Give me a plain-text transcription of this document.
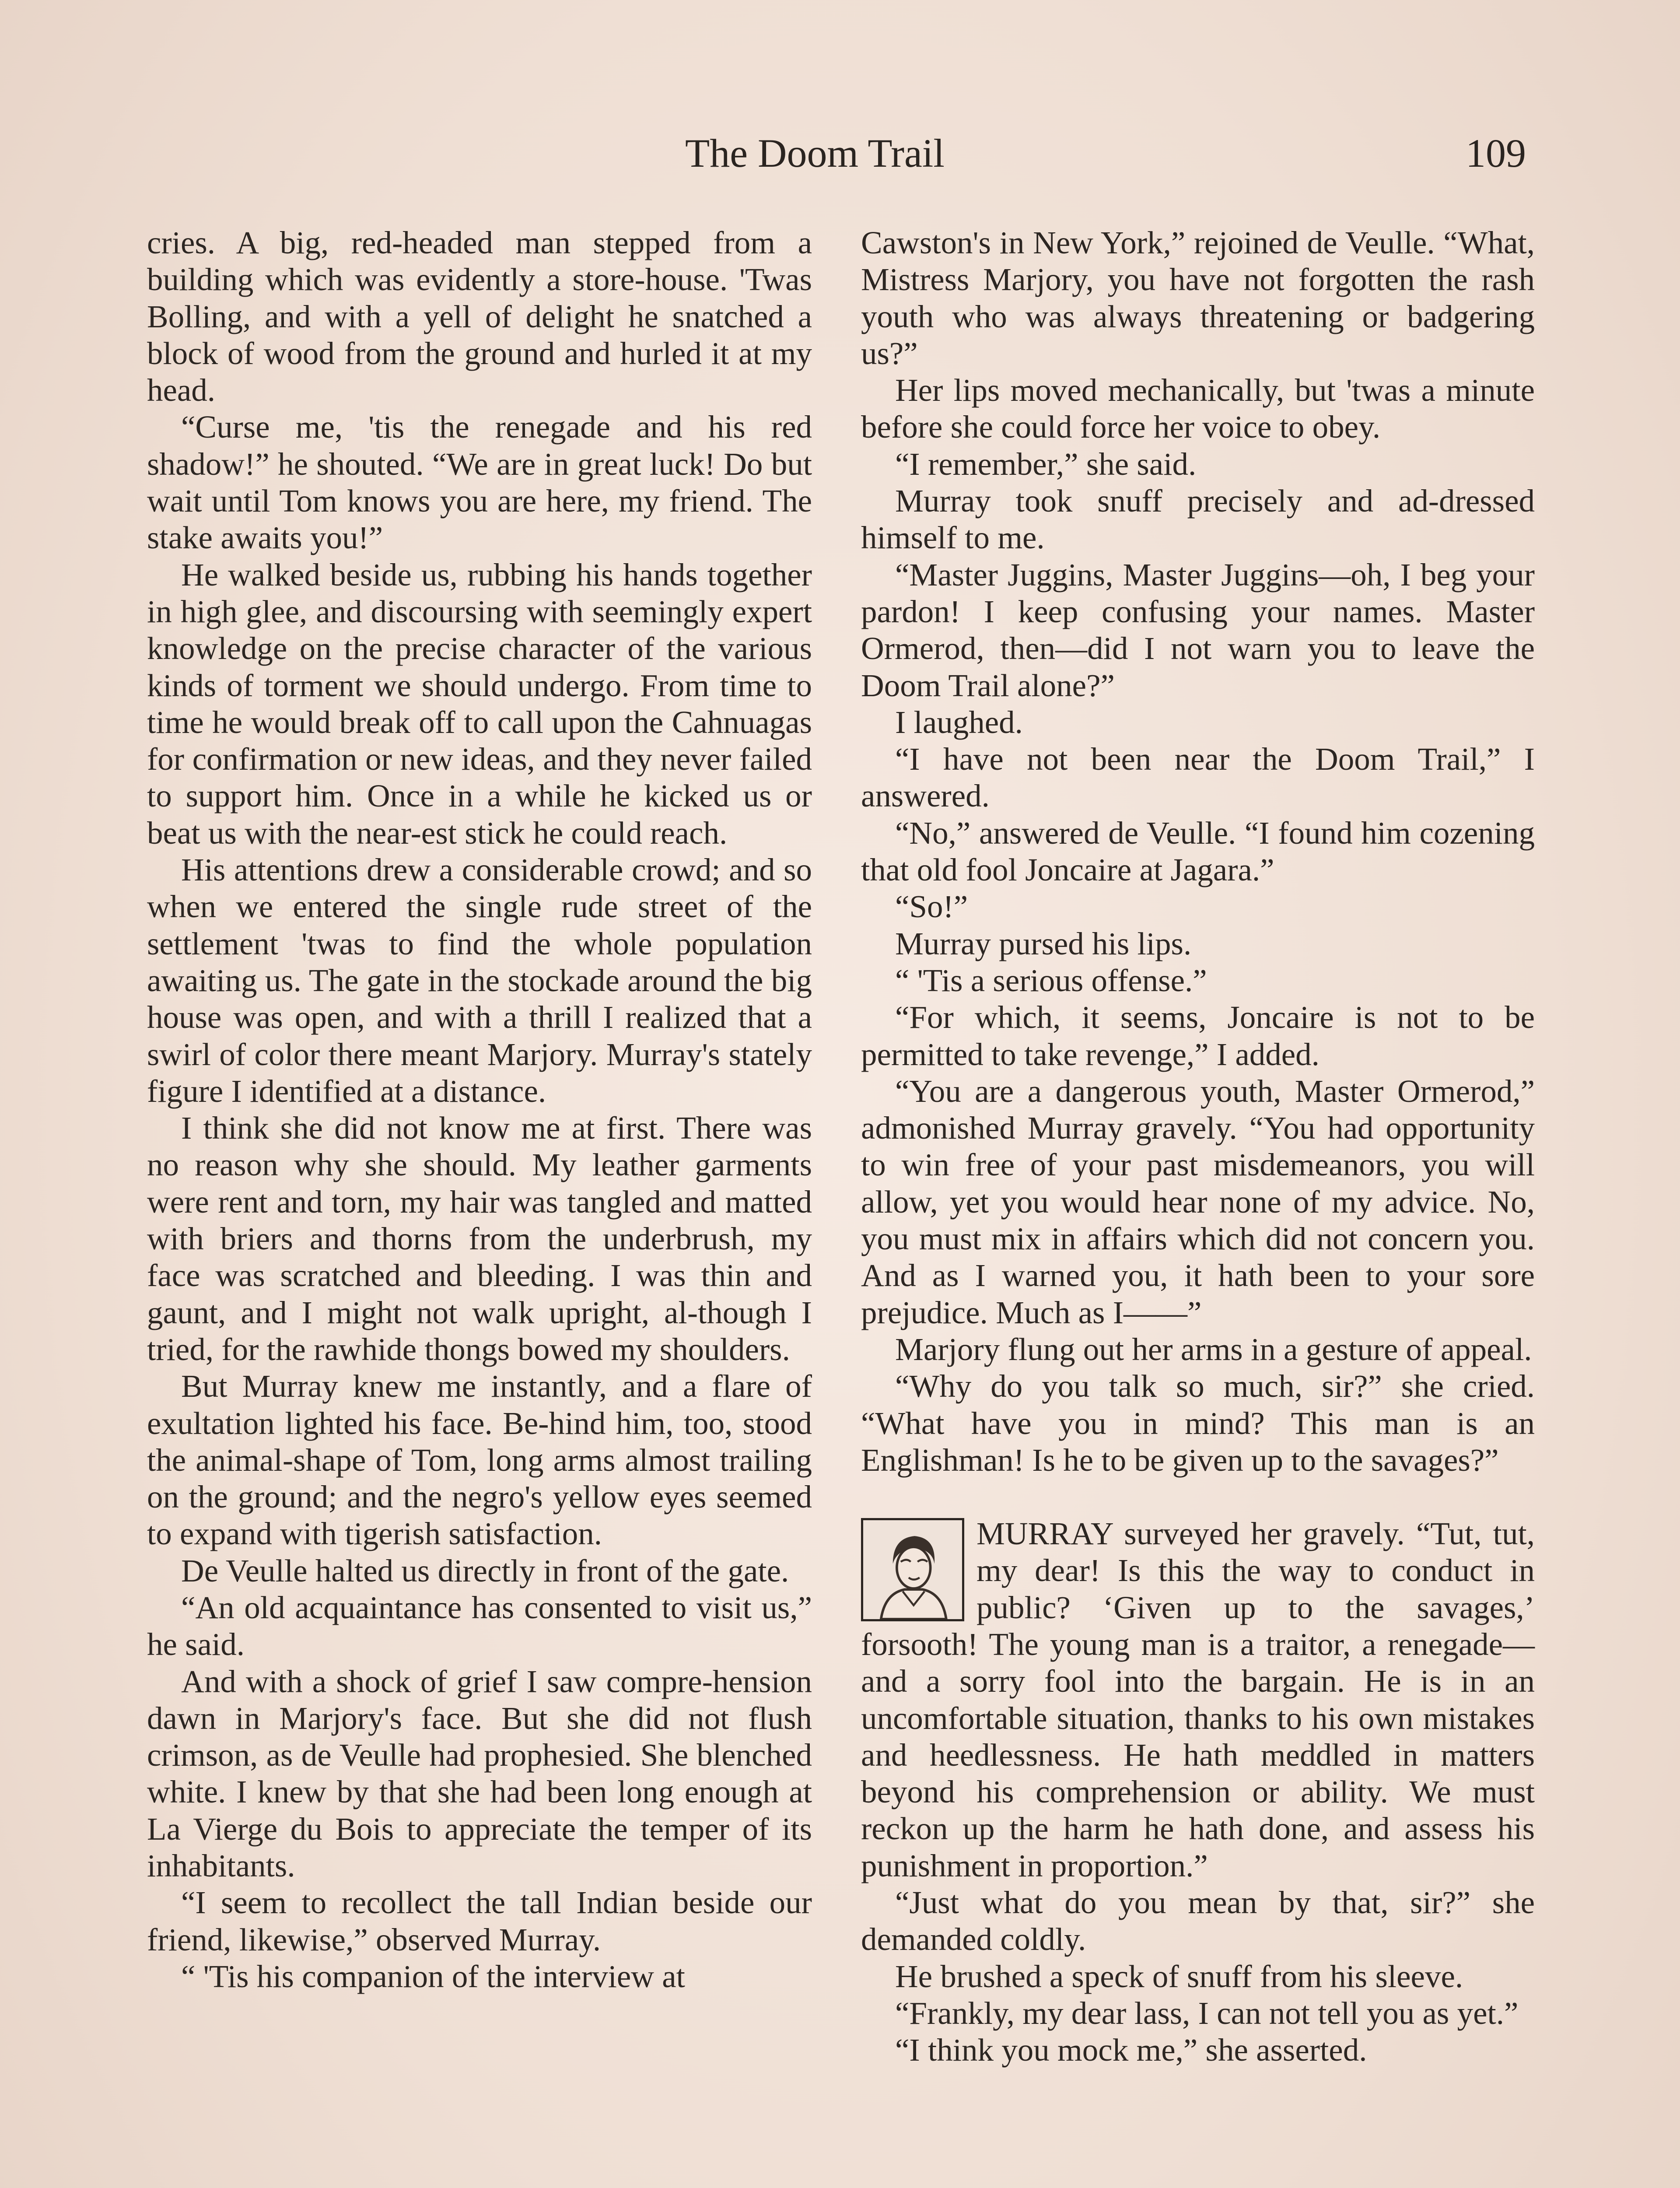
The Doom Trail	109

cries. A big, red-headed man stepped from a building which was evidently a store-house. 'Twas Bolling, and with a yell of delight he snatched a block of wood from the ground and hurled it at my head.

“Curse me, 'tis the renegade and his red shadow!” he shouted. “We are in great luck! Do but wait until Tom knows you are here, my friend. The stake awaits you!”

He walked beside us, rubbing his hands together in high glee, and discoursing with seemingly expert knowledge on the precise character of the various kinds of torment we should undergo. From time to time he would break off to call upon the Cahnuagas for confirmation or new ideas, and they never failed to support him. Once in a while he kicked us or beat us with the near-est stick he could reach.

His attentions drew a considerable crowd; and so when we entered the single rude street of the settlement 'twas to find the whole population awaiting us. The gate in the stockade around the big house was open, and with a thrill I realized that a swirl of color there meant Marjory. Murray's stately figure I identified at a distance.

I think she did not know me at first. There was no reason why she should. My leather garments were rent and torn, my hair was tangled and matted with briers and thorns from the underbrush, my face was scratched and bleeding. I was thin and gaunt, and I might not walk upright, al-though I tried, for the rawhide thongs bowed my shoulders.

But Murray knew me instantly, and a flare of exultation lighted his face. Be-hind him, too, stood the animal-shape of Tom, long arms almost trailing on the ground; and the negro's yellow eyes seemed to expand with tigerish satisfaction.

De Veulle halted us directly in front of the gate.

“An old acquaintance has consented to visit us,” he said.

And with a shock of grief I saw compre-hension dawn in Marjory's face. But she did not flush crimson, as de Veulle had prophesied. She blenched white. I knew by that she had been long enough at La Vierge du Bois to appreciate the temper of its inhabitants.

“I seem to recollect the tall Indian beside our friend, likewise,” observed Murray.

“ 'Tis his companion of the interview at

Cawston's in New York,” rejoined de Veulle. “What, Mistress Marjory, you have not forgotten the rash youth who was always threatening or badgering us?”

Her lips moved mechanically, but 'twas a minute before she could force her voice to obey.

“I remember,” she said.

Murray took snuff precisely and ad-dressed himself to me.

“Master Juggins, Master Juggins—oh, I beg your pardon! I keep confusing your names. Master Ormerod, then—did I not warn you to leave the Doom Trail alone?”

I laughed.

“I have not been near the Doom Trail,” I answered.

“No,” answered de Veulle. “I found him cozening that old fool Joncaire at Jagara.”

“So!”

Murray pursed his lips.

“ 'Tis a serious offense.”

“For which, it seems, Joncaire is not to be permitted to take revenge,” I added.

“You are a dangerous youth, Master Ormerod,” admonished Murray gravely. “You had opportunity to win free of your past misdemeanors, you will allow, yet you would hear none of my advice. No, you must mix in affairs which did not concern you. And as I warned you, it hath been to your sore prejudice. Much as I——”

Marjory flung out her arms in a gesture of appeal.

“Why do you talk so much, sir?” she cried. “What have you in mind? This man is an Englishman! Is he to be given up to the savages?”

MURRAY surveyed her gravely. “Tut, tut, my dear! Is this the way to conduct in public? ‘Given up to the savages,’ forsooth! The young man is a traitor, a renegade—and a sorry fool into the bargain. He is in an uncomfortable situation, thanks to his own mistakes and heedlessness. He hath meddled in matters beyond his comprehension or ability. We must reckon up the harm he hath done, and assess his punishment in proportion.”

“Just what do you mean by that, sir?” she demanded coldly.

He brushed a speck of snuff from his sleeve.

“Frankly, my dear lass, I can not tell you as yet.”

“I think you mock me,” she asserted.
